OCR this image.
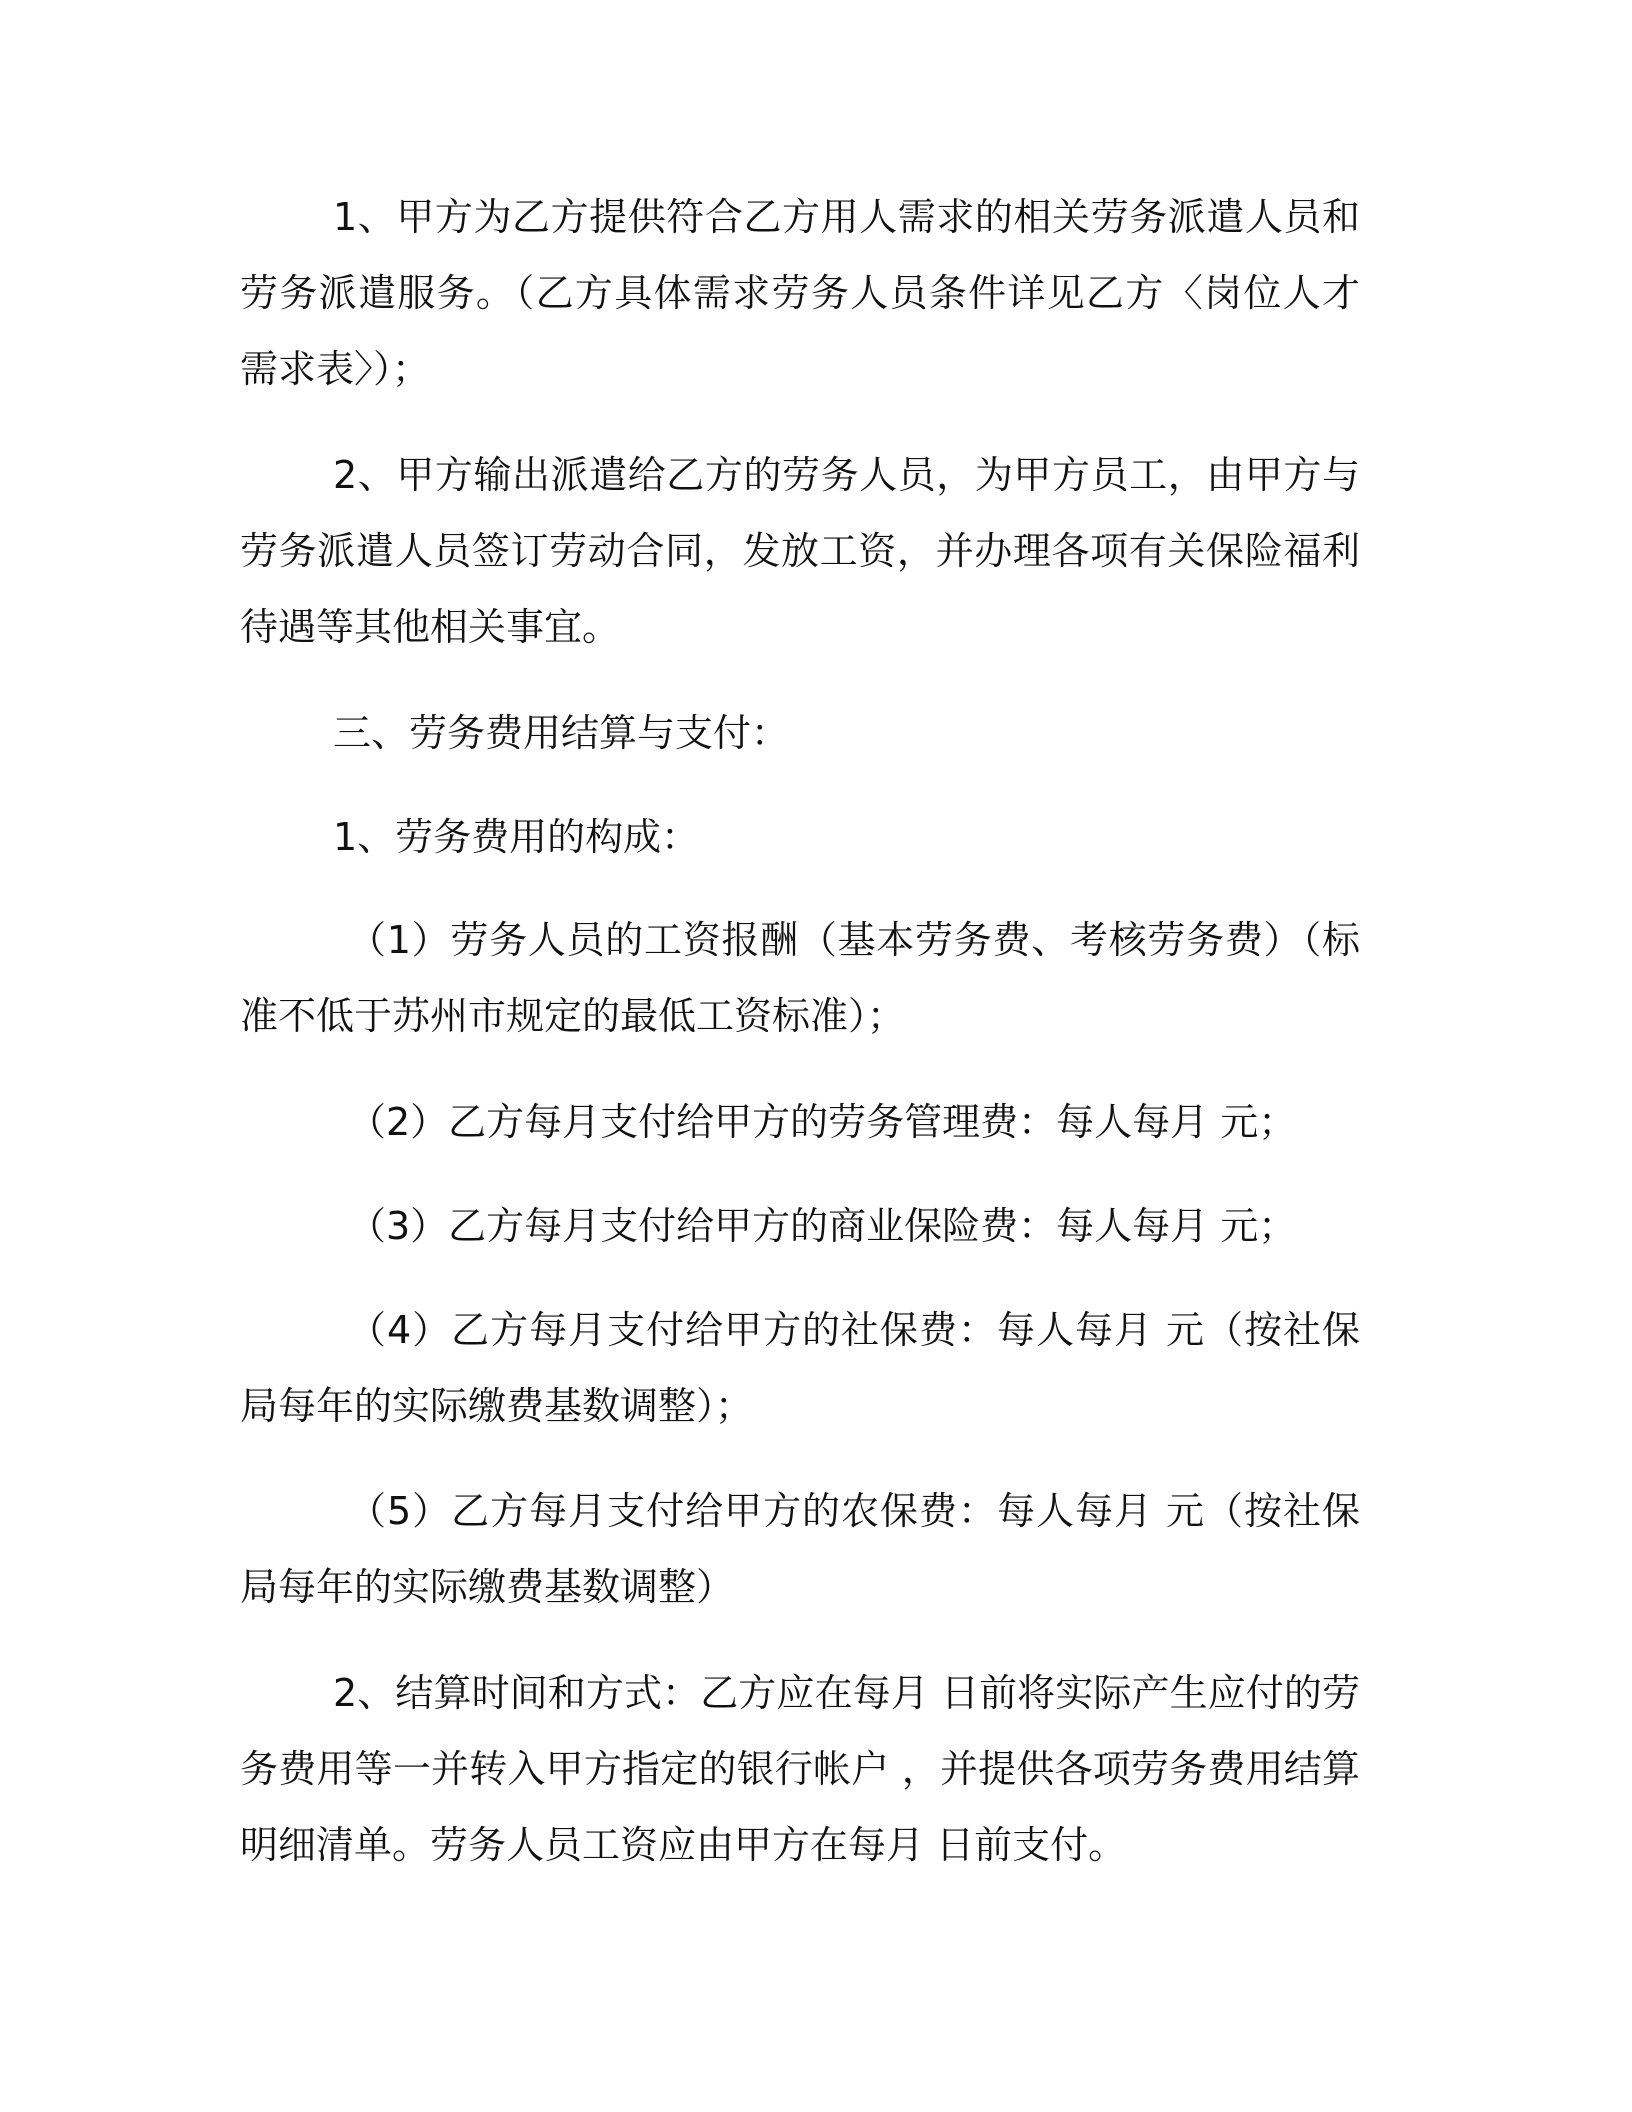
1、甲方为乙方提供符合乙方用人需求的相关劳务派遣人员和劳务派遣服务。（乙方具体需求劳务人员条件详见乙方〈岗位人才需求表〉）；

2、甲方输出派遣给乙方的劳务人员，为甲方员工，由甲方与劳务派遣人员签订劳动合同，发放工资，并办理各项有关保险福利待遇等其他相关事宜。

三、劳务费用结算与支付：

1、劳务费用的构成：

（1）劳务人员的工资报酬（基本劳务费、考核劳务费）（标准不低于苏州市规定的最低工资标准）；

（2）乙方每月支付给甲方的劳务管理费：每人每月 元；

（3）乙方每月支付给甲方的商业保险费：每人每月 元；

（4）乙方每月支付给甲方的社保费：每人每月 元（按社保局每年的实际缴费基数调整）；

（5）乙方每月支付给甲方的农保费：每人每月 元（按社保局每年的实际缴费基数调整）

2、结算时间和方式：乙方应在每月 日前将实际产生应付的劳务费用等一并转入甲方指定的银行帐户 ，并提供各项劳务费用结算明细清单。劳务人员工资应由甲方在每月 日前支付。
